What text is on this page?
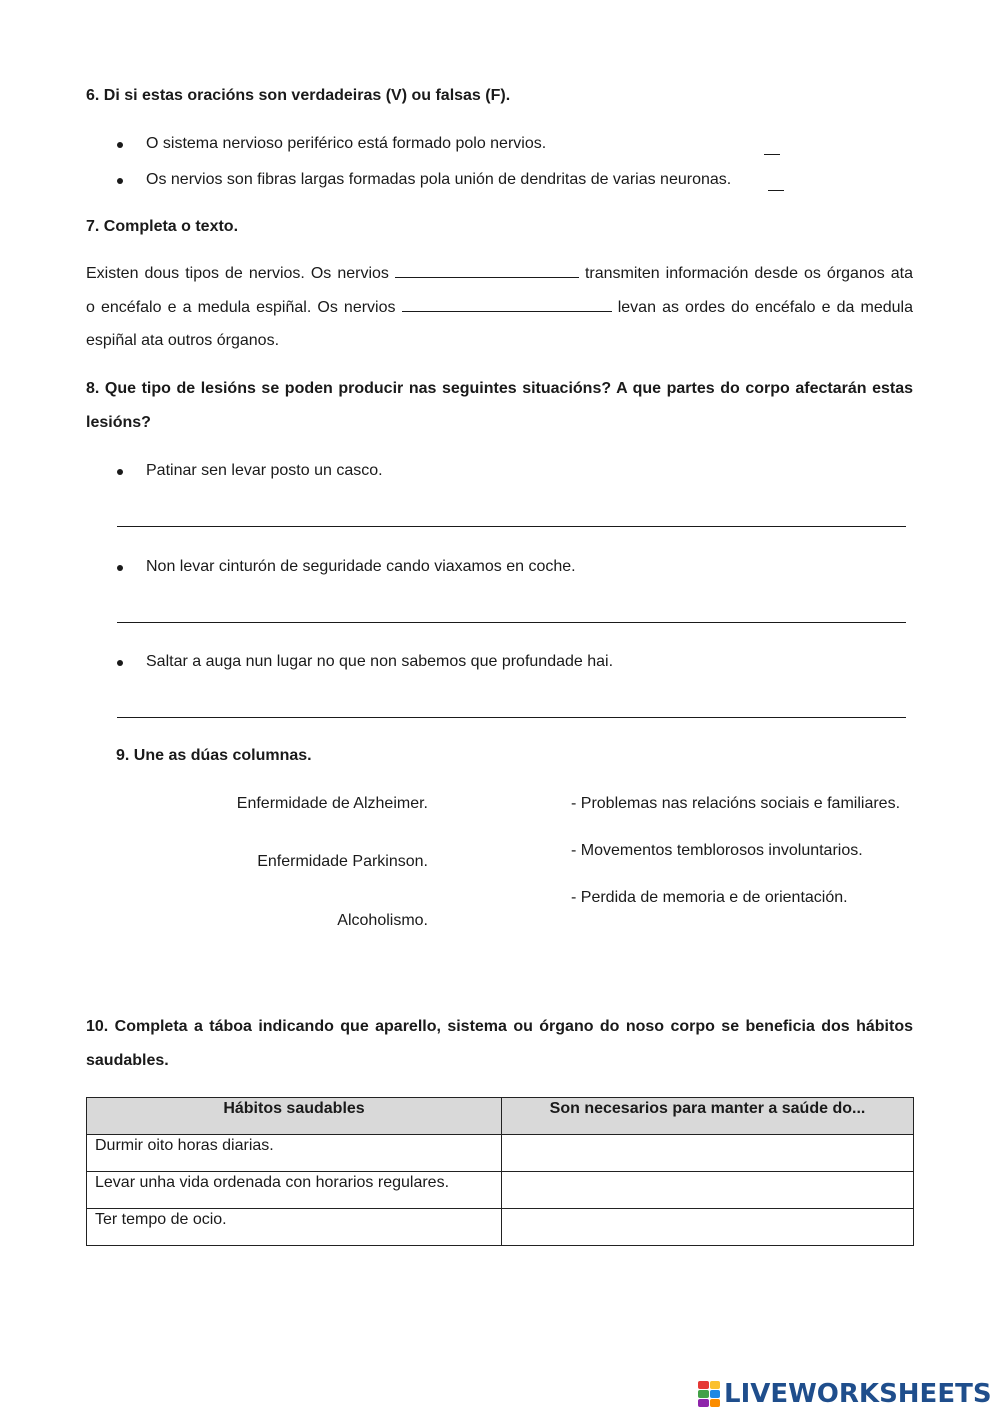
6. Di si estas oracións son verdadeiras (V) ou falsas (F).
O sistema nervioso periférico está formado polo nervios.
Os nervios son fibras largas formadas pola unión de dendritas de varias neuronas.
7. Completa o texto.
Existen dous tipos de nervios. Os nervios	transmiten información desde os órganos ata
o encéfalo e a medula espiñal. Os nervios	levan as ordes do encéfalo e da medula
espiñal ata outros órganos.
8. Que tipo de lesións se poden producir nas seguintes situacións? A que partes do corpo afectarán estas
lesións?
Patinar sen levar posto un casco.
Non levar cinturón de seguridade cando viaxamos en coche.
Saltar a auga nun lugar no que non sabemos que profundade hai.
9. Une as dúas columnas.
Enfermidade de Alzheimer.
Enfermidade Parkinson.
Alcoholismo.
- Problemas nas relacións sociais e familiares.
- Movementos temblorosos involuntarios.
- Perdida de memoria e de orientación.
10. Completa a táboa indicando que aparello, sistema ou órgano do noso corpo se beneficia dos hábitos
saudables.
Hábitos saudables	Son necesarios para manter a saúde do...
Durmir oito horas diarias.	
Levar unha vida ordenada con horarios regulares.	
Ter tempo de ocio.	
LIVEWORKSHEETS
